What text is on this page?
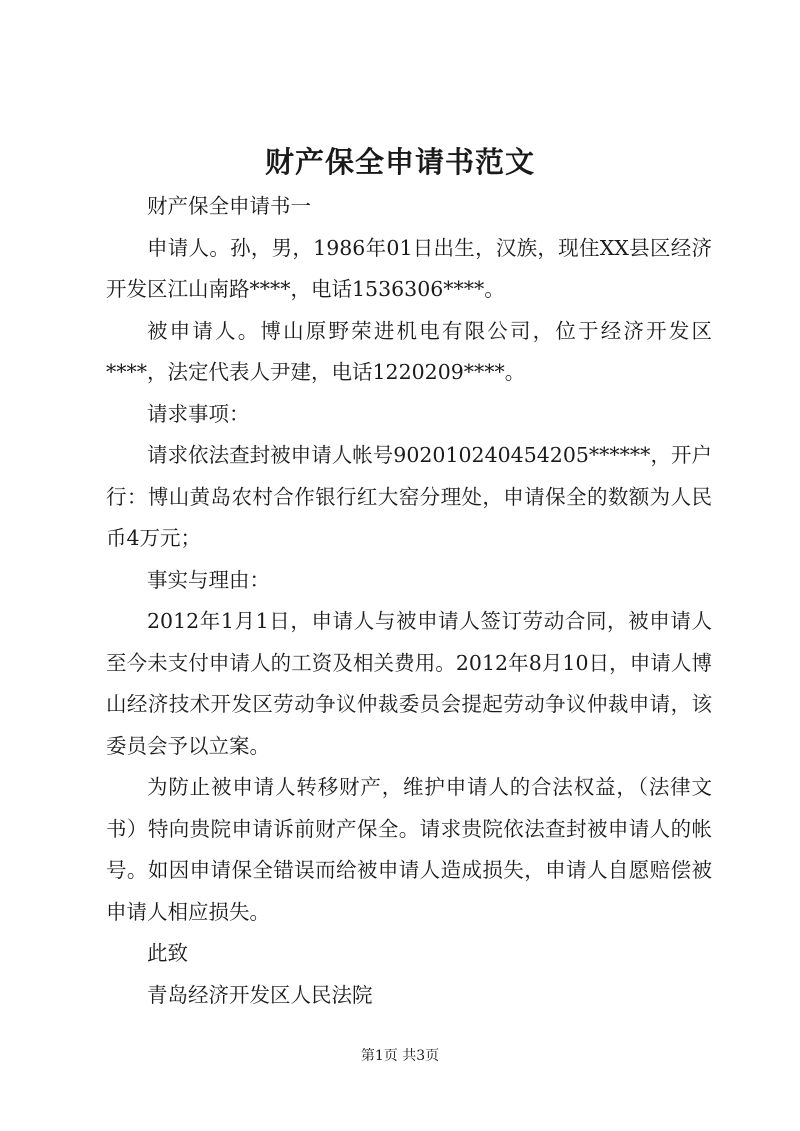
财产保全申请书范文

财产保全申请书一

申请人。孙，男，1986年01日出生，汉族，现住XX县区经济开发区江山南路****，电话1536306****。

被申请人。博山原野荣进机电有限公司，位于经济开发区****，法定代表人尹建，电话1220209****。

请求事项：

请求依法查封被申请人帐号902010240454205******，开户行：博山黄岛农村合作银行红大窑分理处，申请保全的数额为人民币4万元；

事实与理由：

2012年1月1日，申请人与被申请人签订劳动合同，被申请人至今未支付申请人的工资及相关费用。2012年8月10日，申请人博山经济技术开发区劳动争议仲裁委员会提起劳动争议仲裁申请，该委员会予以立案。

为防止被申请人转移财产，维护申请人的合法权益，（法律文书）特向贵院申请诉前财产保全。请求贵院依法查封被申请人的帐号。如因申请保全错误而给被申请人造成损失，申请人自愿赔偿被申请人相应损失。

此致

青岛经济开发区人民法院

第1页 共3页
